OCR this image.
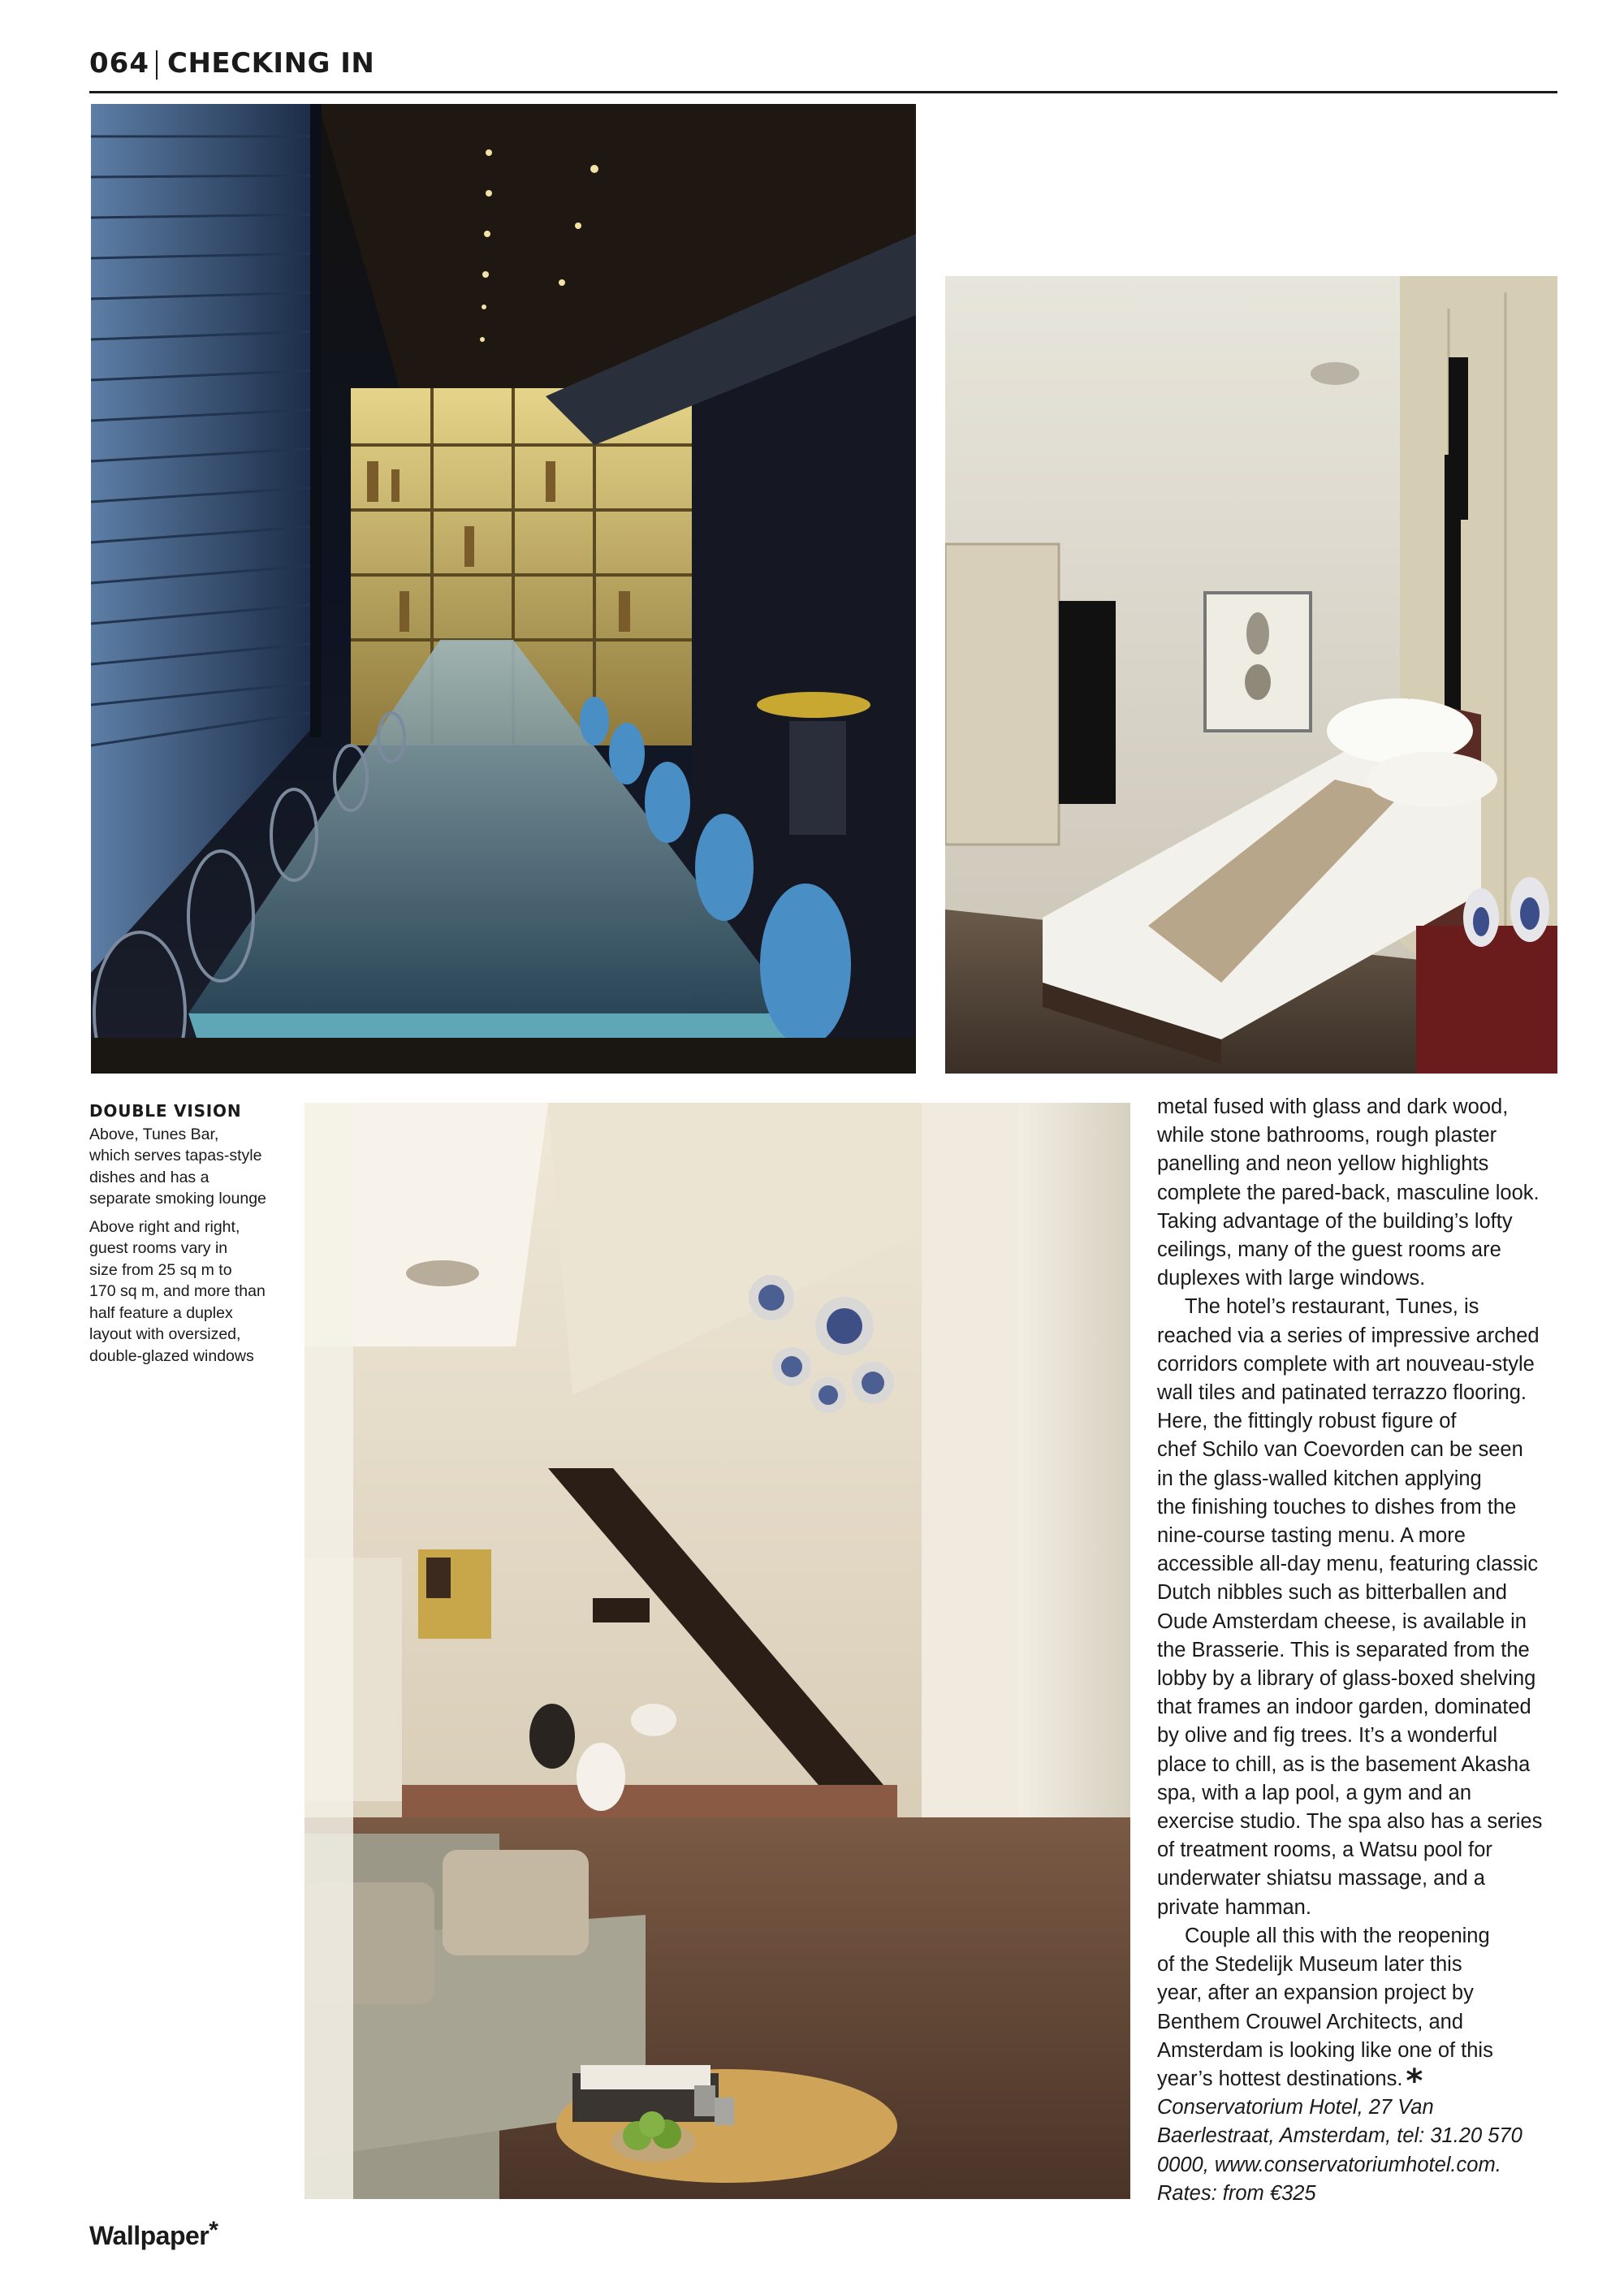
064 CHECKING IN
DOUBLE VISION

Above, Tunes Bar,
which serves tapas-style
dishes and has a
separate smoking lounge

Above right and right,
guest rooms vary in
size from 25 sq m to
170 sq m, and more than
half feature a duplex
layout with oversized,
double-glazed windows

metal fused with glass and dark wood,
while stone bathrooms, rough plaster
panelling and neon yellow highlights
complete the pared-back, masculine look.
Taking advantage of the building’s lofty
ceilings, many of the guest rooms are
duplexes with large windows.
The hotel’s restaurant, Tunes, is
reached via a series of impressive arched
corridors complete with art nouveau-style
wall tiles and patinated terrazzo flooring.
Here, the fittingly robust figure of
chef Schilo van Coevorden can be seen
in the glass-walled kitchen applying
the finishing touches to dishes from the
nine-course tasting menu. A more
accessible all-day menu, featuring classic
Dutch nibbles such as bitterballen and
Oude Amsterdam cheese, is available in
the Brasserie. This is separated from the
lobby by a library of glass-boxed shelving
that frames an indoor garden, dominated
by olive and fig trees. It’s a wonderful
place to chill, as is the basement Akasha
spa, with a lap pool, a gym and an
exercise studio. The spa also has a series
of treatment rooms, a Watsu pool for
underwater shiatsu massage, and a
private hamman.
Couple all this with the reopening
of the Stedelijk Museum later this
year, after an expansion project by
Benthem Crouwel Architects, and
Amsterdam is looking like one of this
year’s hottest destinations. *
Conservatorium Hotel, 27 Van
Baerlestraat, Amsterdam, tel: 31.20 570
0000, www.conservatoriumhotel.com.
Rates: from €325
Wallpaper*
